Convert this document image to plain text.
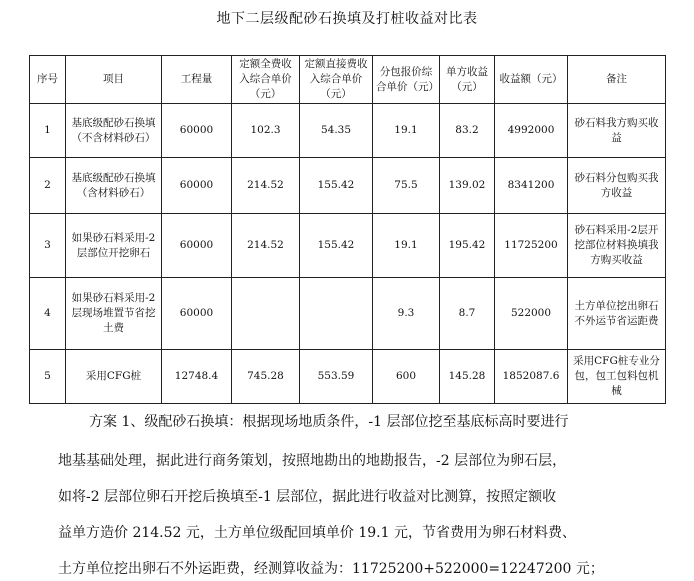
地下二层级配砂石换填及打桩收益对比表
序号	项目	工程量	定额全费收入综合单价（元）	定额直接费收入综合单价（元）	分包报价综合单价（元）	单方收益（元）	收益额（元）	备注
1	基底级配砂石换填（不含材料砂石）	60000	102.3	54.35	19.1	83.2	4992000	砂石料我方购买收益
2	基底级配砂石换填（含材料砂石）	60000	214.52	155.42	75.5	139.02	8341200	砂石料分包购买我方收益
3	如果砂石料采用-2层部位开挖卵石	60000	214.52	155.42	19.1	195.42	11725200	砂石料采用-2层开挖部位材料换填我方购买收益
4	如果砂石料采用-2层现场堆置节省挖土费	60000			9.3	8.7	522000	土方单位挖出卵石不外运节省运距费
5	采用CFG桩	12748.4	745.28	553.59	600	145.28	1852087.6	采用CFG桩专业分包，包工包料包机械
方案 1、级配砂石换填：根据现场地质条件，-1 层部位挖至基底标高时要进行
地基基础处理，据此进行商务策划，按照地勘出的地勘报告，-2 层部位为卵石层，
如将-2 层部位卵石开挖后换填至-1 层部位，据此进行收益对比测算，按照定额收
益单方造价 214.52 元，土方单位级配回填单价 19.1 元，节省费用为卵石材料费、
土方单位挖出卵石不外运距费，经测算收益为：11725200+522000=12247200 元；
